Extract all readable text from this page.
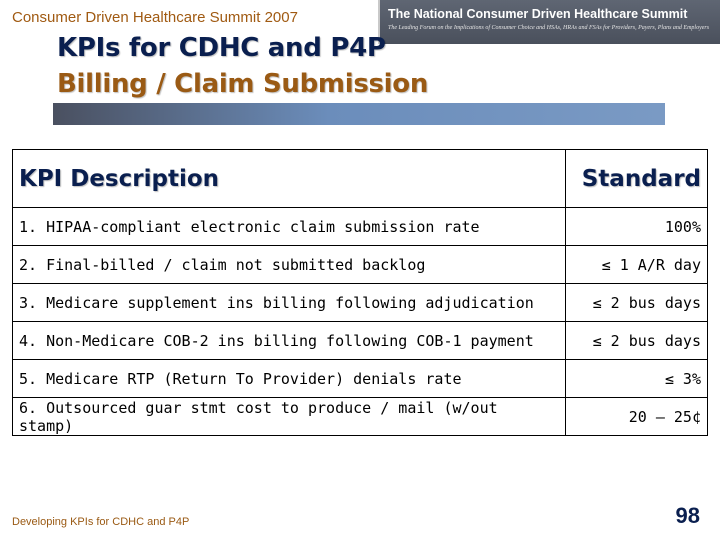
Consumer Driven Healthcare Summit 2007	The National Consumer Driven Healthcare Summit
The Leading Forum on the Implications of Consumer Choice and HSAs, HRAs and FSAs for Providers, Payers, Plans and Employers
KPIs for CDHC and P4P
Billing / Claim Submission
KPI Description	Standard
1. HIPAA-compliant electronic claim submission rate	100%
2. Final-billed / claim not submitted backlog	≤ 1 A/R day
3. Medicare supplement ins billing following adjudication	≤ 2 bus days
4. Non-Medicare COB-2 ins billing following COB-1 payment	≤ 2 bus days
5. Medicare RTP (Return To Provider) denials rate	≤ 3%
6. Outsourced guar stmt cost to produce / mail (w/out stamp)	20 – 25¢
Developing KPIs for CDHC and P4P	98
